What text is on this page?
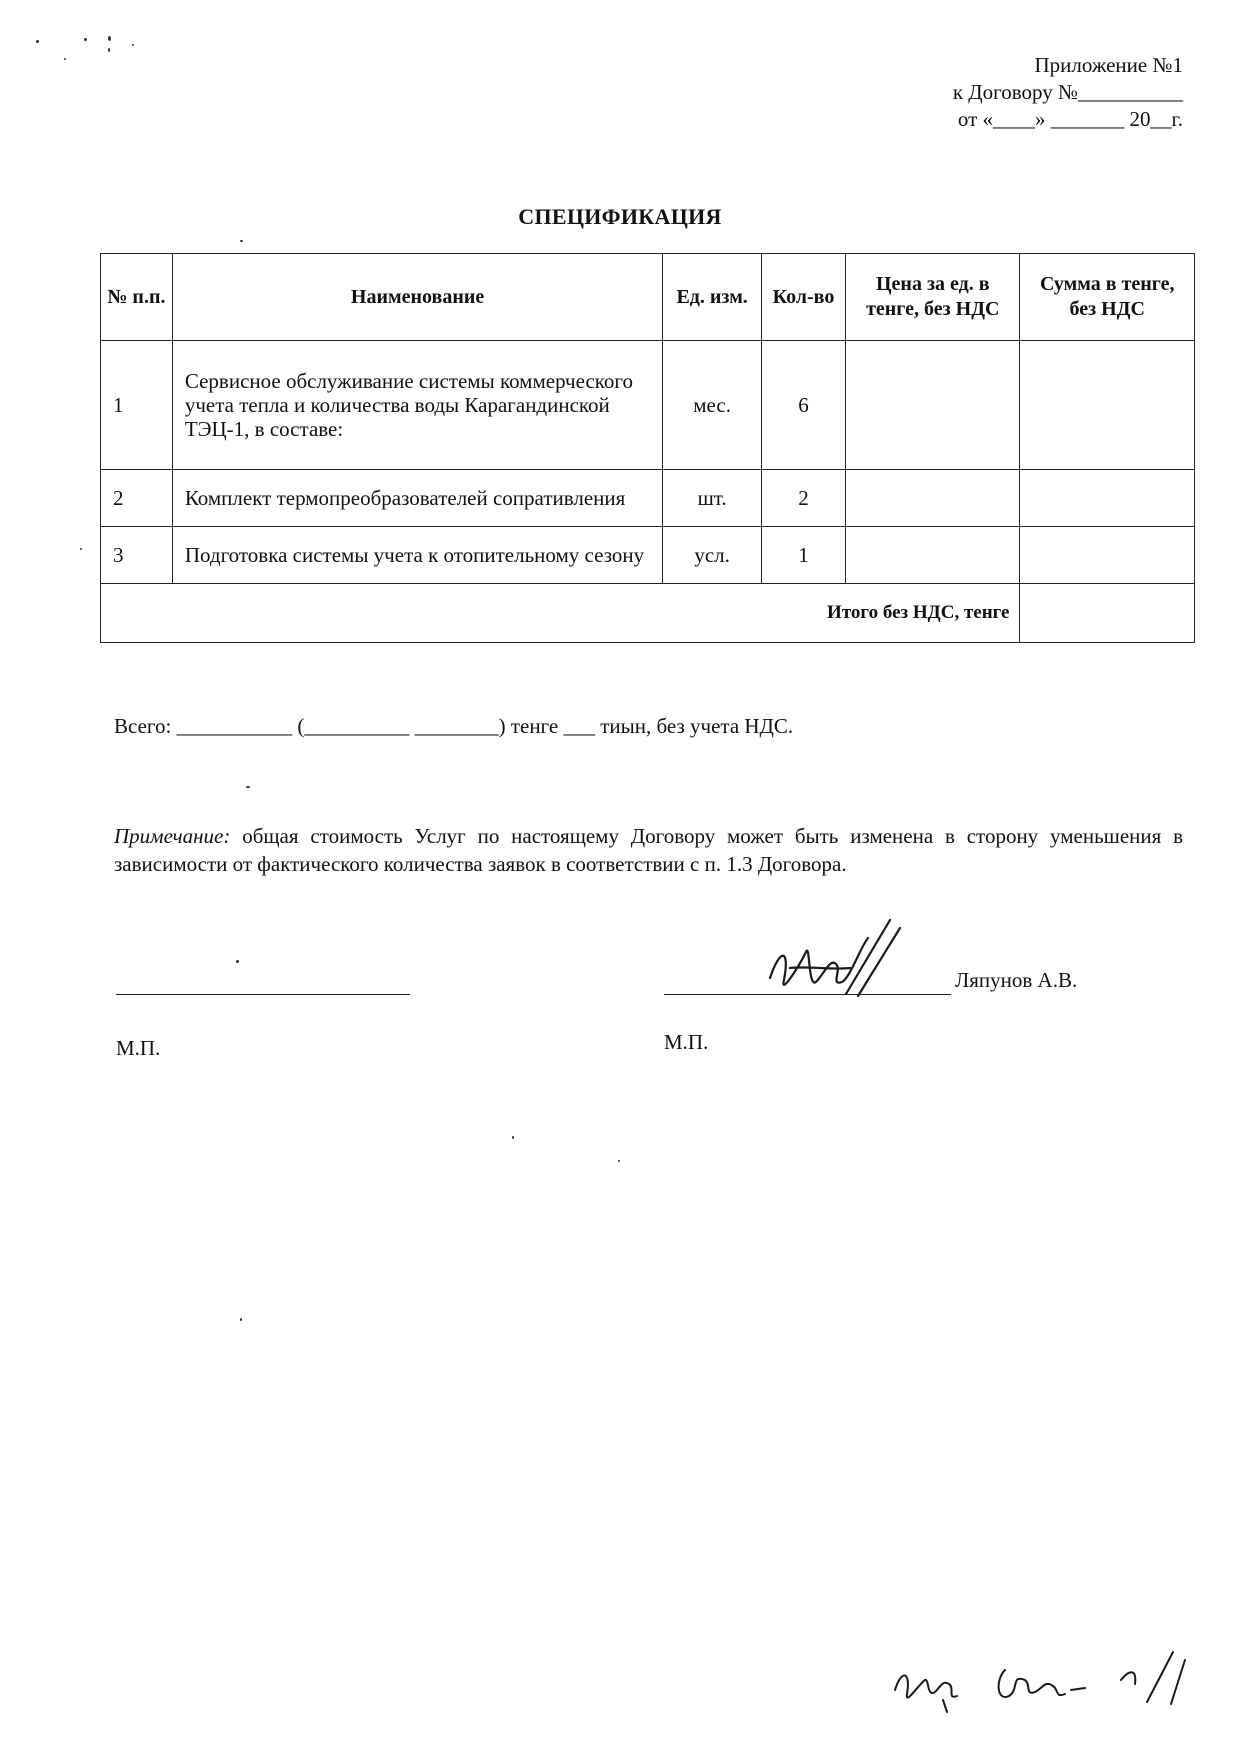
Приложение №1
к Договору №__________
от «____» _______ 20__г.
СПЕЦИФИКАЦИЯ
№ п.п.	Наименование	Ед. изм.	Кол-во	Цена за ед. в тенге, без НДС	Сумма в тенге, без НДС
1	Сервисное обслуживание системы коммерческого учета тепла и количества воды Карагандинской ТЭЦ-1, в составе:	мес.	6		
2	Комплект термопреобразователей сопративления	шт.	2		
3	Подготовка системы учета к отопительному сезону	усл.	1		
Итого без НДС, тенге					
Всего: ___________ (__________ ________) тенге ___ тиын, без учета НДС.
Примечание: общая стоимость Услуг по настоящему Договору может быть изменена в сторону уменьшения в зависимости от фактического количества заявок в соответствии с п. 1.3 Договора.
Ляпунов А.В.
М.П.	М.П.
